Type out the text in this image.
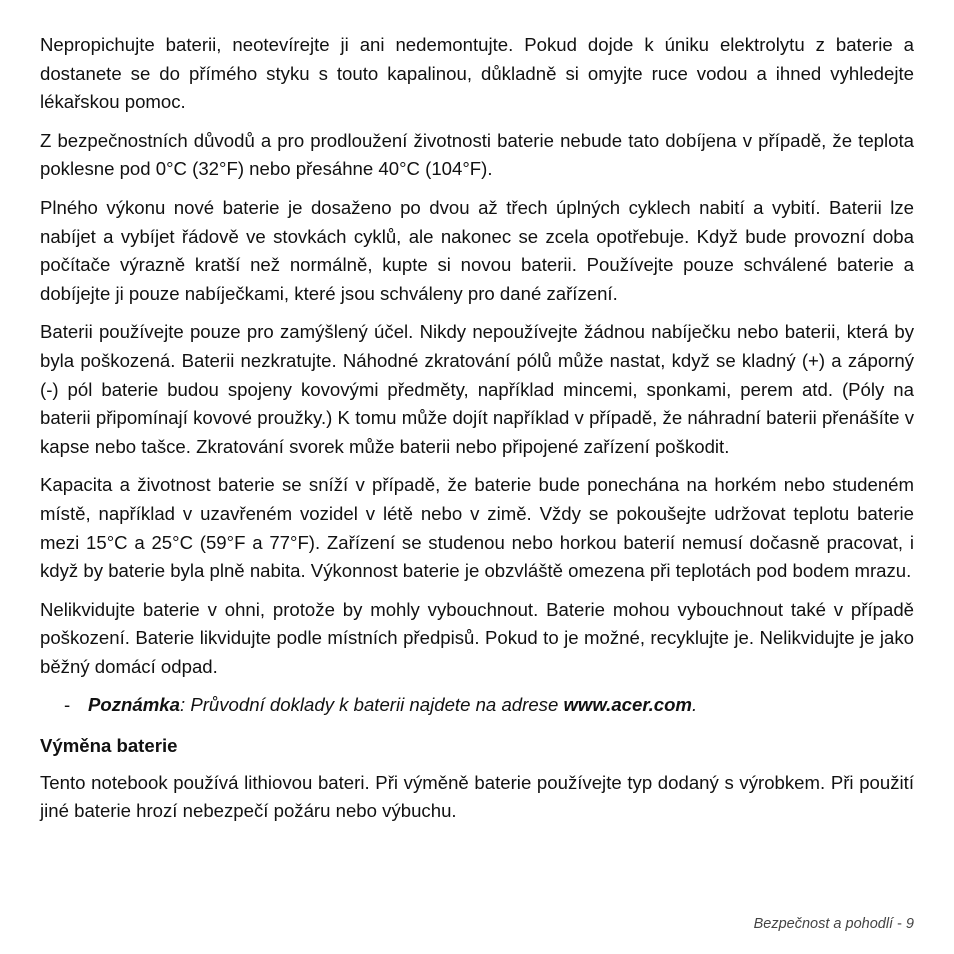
Nepropichujte baterii, neotevírejte ji ani nedemontujte. Pokud dojde k úniku elektrolytu z baterie a dostanete se do přímého styku s touto kapalinou, důkladně si omyjte ruce vodou a ihned vyhledejte lékařskou pomoc.

Z bezpečnostních důvodů a pro prodloužení životnosti baterie nebude tato dobíjena v případě, že teplota poklesne pod 0°C (32°F) nebo přesáhne 40°C (104°F).

Plného výkonu nové baterie je dosaženo po dvou až třech úplných cyklech nabití a vybití. Baterii lze nabíjet a vybíjet řádově ve stovkách cyklů, ale nakonec se zcela opotřebuje. Když bude provozní doba počítače výrazně kratší než normálně, kupte si novou baterii. Používejte pouze schválené baterie a dobíjejte ji pouze nabíječkami, které jsou schváleny pro dané zařízení.

Baterii používejte pouze pro zamýšlený účel. Nikdy nepoužívejte žádnou nabíječku nebo baterii, která by byla poškozená. Baterii nezkratujte. Náhodné zkratování pólů může nastat, když se kladný (+) a záporný (-) pól baterie budou spojeny kovovými předměty, například mincemi, sponkami, perem atd. (Póly na baterii připomínají kovové proužky.) K tomu může dojít například v případě, že náhradní baterii přenášíte v kapse nebo tašce. Zkratování svorek může baterii nebo připojené zařízení poškodit.

Kapacita a životnost baterie se sníží v případě, že baterie bude ponechána na horkém nebo studeném místě, například v uzavřeném vozidel v létě nebo v zimě. Vždy se pokoušejte udržovat teplotu baterie mezi 15°C a 25°C (59°F a 77°F). Zařízení se studenou nebo horkou baterií nemusí dočasně pracovat, i když by baterie byla plně nabita. Výkonnost baterie je obzvláště omezena při teplotách pod bodem mrazu.

Nelikvidujte baterie v ohni, protože by mohly vybouchnout. Baterie mohou vybouchnout také v případě poškození. Baterie likvidujte podle místních předpisů. Pokud to je možné, recyklujte je. Nelikvidujte je jako běžný domácí odpad.

- Poznámka: Průvodní doklady k baterii najdete na adrese www.acer.com.

Výměna baterie

Tento notebook používá lithiovou bateri. Při výměně baterie používejte typ dodaný s výrobkem. Při použití jiné baterie hrozí nebezpečí požáru nebo výbuchu.

Bezpečnost a pohodlí - 9
